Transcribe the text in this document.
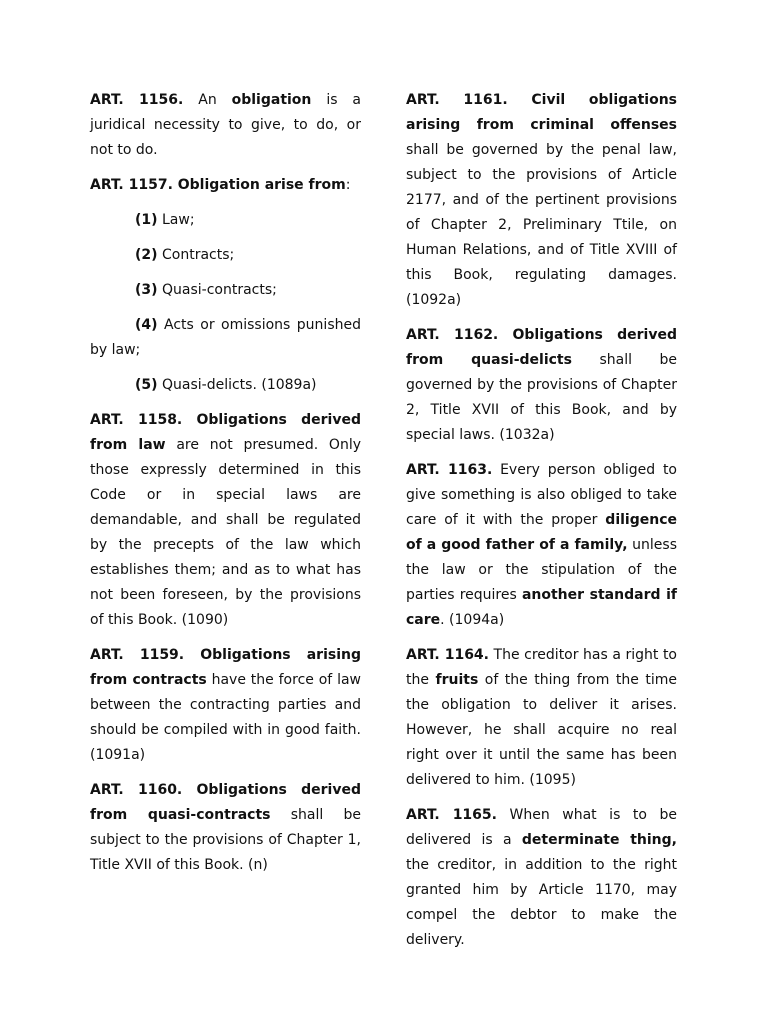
ART. 1156. An obligation is a juridical necessity to give, to do, or not to do.

ART. 1157. Obligation arise from:

(1) Law;

(2) Contracts;

(3) Quasi-contracts;

(4) Acts or omissions punished by law;

(5) Quasi-delicts. (1089a)

ART. 1158. Obligations derived from law are not presumed. Only those expressly determined in this Code or in special laws are demandable, and shall be regulated by the precepts of the law which establishes them; and as to what has not been foreseen, by the provisions of this Book. (1090)

ART. 1159. Obligations arising from contracts have the force of law between the contracting parties and should be compiled with in good faith. (1091a)

ART. 1160. Obligations derived from quasi-contracts shall be subject to the provisions of Chapter 1, Title XVII of this Book. (n)

ART. 1161. Civil obligations arising from criminal offenses shall be governed by the penal law, subject to the provisions of Article 2177, and of the pertinent provisions of Chapter 2, Preliminary Ttile, on Human Relations, and of Title XVIII of this Book, regulating damages. (1092a)

ART. 1162. Obligations derived from quasi-delicts shall be governed by the provisions of Chapter 2, Title XVII of this Book, and by special laws. (1032a)

ART. 1163. Every person obliged to give something is also obliged to take care of it with the proper diligence of a good father of a family, unless the law or the stipulation of the parties requires another standard if care. (1094a)

ART. 1164. The creditor has a right to the fruits of the thing from the time the obligation to deliver it arises. However, he shall acquire no real right over it until the same has been delivered to him. (1095)

ART. 1165. When what is to be delivered is a determinate thing, the creditor, in addition to the right granted him by Article 1170, may compel the debtor to make the delivery.
